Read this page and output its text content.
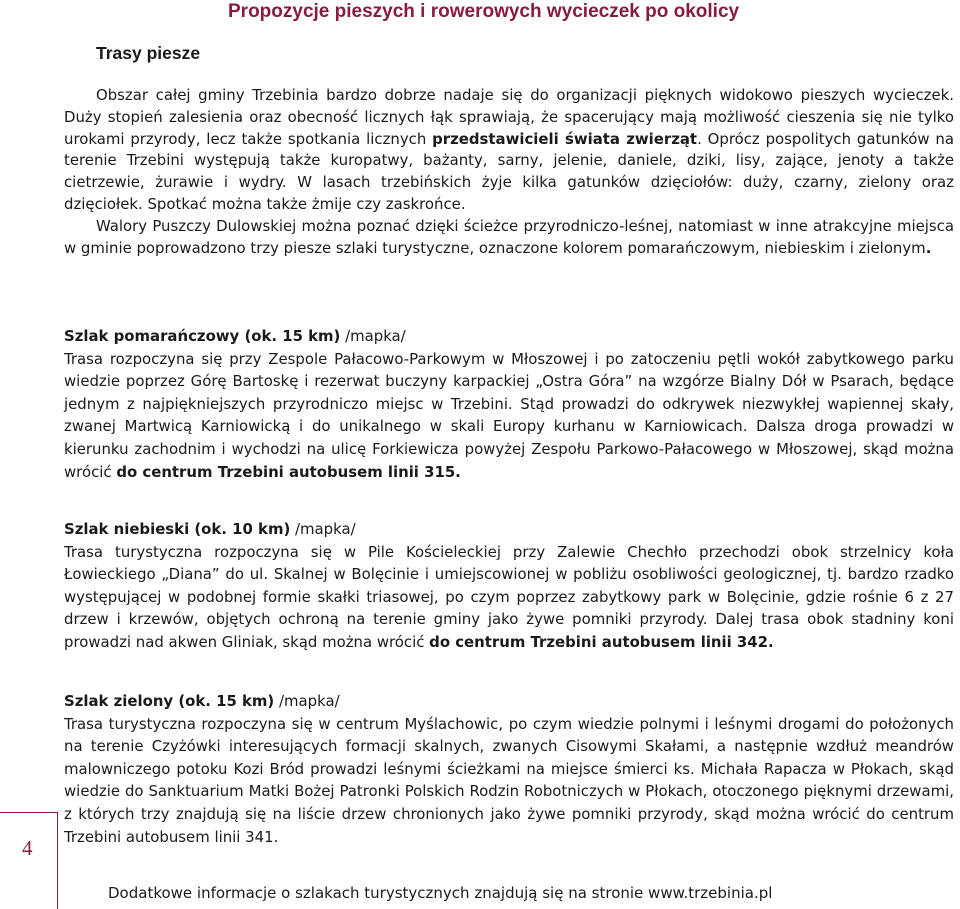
Propozycje pieszych i rowerowych wycieczek po okolicy
Trasy piesze

Obszar całej gminy Trzebinia bardzo dobrze nadaje się do organizacji pięknych widokowo pieszych wycieczek. Duży stopień zalesienia oraz obecność licznych łąk sprawiają, że spacerujący mają możliwość cieszenia się nie tylko urokami przyrody, lecz także spotkania licznych przedstawicieli świata zwierząt. Oprócz pospolitych gatunków na terenie Trzebini występują także kuropatwy, bażanty, sarny, jelenie, daniele, dziki, lisy, zające, jenoty a także cietrzewie, żurawie i wydry. W lasach trzebińskich żyje kilka gatunków dzięciołów: duży, czarny, zielony oraz dzięciołek. Spotkać można także żmije czy zaskrońce.

Walory Puszczy Dulowskiej można poznać dzięki ścieżce przyrodniczo-leśnej, natomiast w inne atrakcyjne miejsca w gminie poprowadzono trzy piesze szlaki turystyczne, oznaczone kolorem pomarańczowym, niebieskim i zielonym.

Szlak pomarańczowy (ok. 15 km) /mapka/

Trasa rozpoczyna się przy Zespole Pałacowo-Parkowym w Młoszowej i po zatoczeniu pętli wokół zabytkowego parku wiedzie poprzez Górę Bartoskę i rezerwat buczyny karpackiej „Ostra Góra” na wzgórze Bialny Dół w Psarach, będące jednym z najpiękniejszych przyrodniczo miejsc w Trzebini. Stąd prowadzi do odkrywek niezwykłej wapiennej skały, zwanej Martwicą Karniowicką i do unikalnego w skali Europy kurhanu w Karniowicach. Dalsza droga prowadzi w kierunku zachodnim i wychodzi na ulicę Forkiewicza powyżej Zespołu Parkowo-Pałacowego w Młoszowej, skąd można wrócić do centrum Trzebini autobusem linii 315.

Szlak niebieski (ok. 10 km) /mapka/

Trasa turystyczna rozpoczyna się w Pile Kościeleckiej przy Zalewie Chechło przechodzi obok strzelnicy koła Łowieckiego „Diana” do ul. Skalnej w Bolęcinie i umiejscowionej w pobliżu osobliwości geologicznej, tj. bardzo rzadko występującej w podobnej formie skałki triasowej, po czym poprzez zabytkowy park w Bolęcinie, gdzie rośnie 6 z 27 drzew i krzewów, objętych ochroną na terenie gminy jako żywe pomniki przyrody. Dalej trasa obok stadniny koni prowadzi nad akwen Gliniak, skąd można wrócić do centrum Trzebini autobusem linii 342.

Szlak zielony (ok. 15 km) /mapka/

Trasa turystyczna rozpoczyna się w centrum Myślachowic, po czym wiedzie polnymi i leśnymi drogami do położonych na terenie Czyżówki interesujących formacji skalnych, zwanych Cisowymi Skałami, a następnie wzdłuż meandrów malowniczego potoku Kozi Bród prowadzi leśnymi ścieżkami na miejsce śmierci ks. Michała Rapacza w Płokach, skąd wiedzie do Sanktuarium Matki Bożej Patronki Polskich Rodzin Robotniczych w Płokach, otoczonego pięknymi drzewami, z których trzy znajdują się na liście drzew chronionych jako żywe pomniki przyrody, skąd można wrócić do centrum Trzebini autobusem linii 341.

4
Dodatkowe informacje o szlakach turystycznych znajdują się na stronie www.trzebinia.pl
